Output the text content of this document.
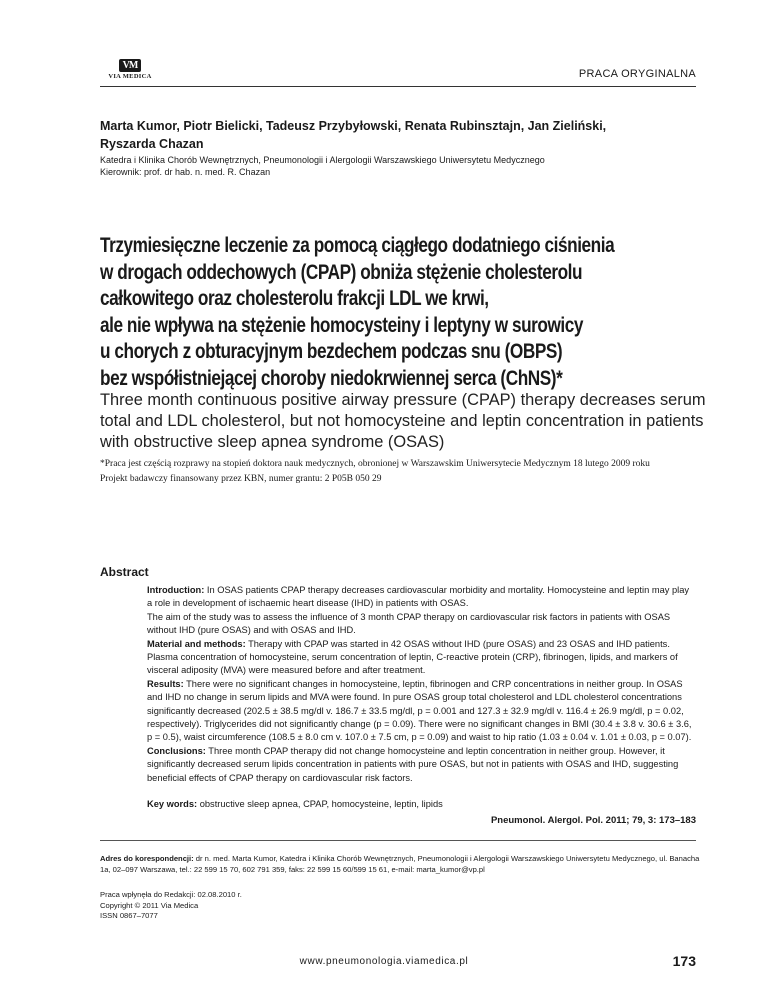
VM
VIA MEDICA	PRACA ORYGINALNA
Marta Kumor, Piotr Bielicki, Tadeusz Przybyłowski, Renata Rubinsztajn, Jan Zieliński, Ryszarda Chazan
Katedra i Klinika Chorób Wewnętrznych, Pneumonologii i Alergologii Warszawskiego Uniwersytetu Medycznego
Kierownik: prof. dr hab. n. med. R. Chazan
Trzymiesięczne leczenie za pomocą ciągłego dodatniego ciśnienia
w drogach oddechowych (CPAP) obniża stężenie cholesterolu
całkowitego oraz cholesterolu frakcji LDL we krwi,
ale nie wpływa na stężenie homocysteiny i leptyny w surowicy
u chorych z obturacyjnym bezdechem podczas snu (OBPS)
bez współistniejącej choroby niedokrwiennej serca (ChNS)*
Three month continuous positive airway pressure (CPAP) therapy decreases serum total and LDL cholesterol, but not homocysteine and leptin concentration in patients with obstructive sleep apnea syndrome (OSAS)
*Praca jest częścią rozprawy na stopień doktora nauk medycznych, obronionej w Warszawskim Uniwersytecie Medycznym 18 lutego 2009 roku
Projekt badawczy finansowany przez KBN, numer grantu: 2 P05B 050 29
Abstract

Introduction: In OSAS patients CPAP therapy decreases cardiovascular morbidity and mortality. Homocysteine and leptin may play a role in development of ischaemic heart disease (IHD) in patients with OSAS.

The aim of the study was to assess the influence of 3 month CPAP therapy on cardiovascular risk factors in patients with OSAS without IHD (pure OSAS) and with OSAS and IHD.

Material and methods: Therapy with CPAP was started in 42 OSAS without IHD (pure OSAS) and 23 OSAS and IHD patients. Plasma concentration of homocysteine, serum concentration of leptin, C-reactive protein (CRP), fibrinogen, lipids, and markers of visceral adiposity (MVA) were measured before and after treatment.

Results: There were no significant changes in homocysteine, leptin, fibrinogen and CRP concentrations in neither group. In OSAS and IHD no change in serum lipids and MVA were found. In pure OSAS group total cholesterol and LDL cholesterol concentrations significantly decreased (202.5 ± 38.5 mg/dl v. 186.7 ± 33.5 mg/dl, p = 0.001 and 127.3 ± 32.9 mg/dl v. 116.4 ± 26.9 mg/dl, p = 0.02, respectively). Triglycerides did not significantly change (p = 0.09). There were no significant changes in BMI (30.4 ± 3.8 v. 30.6 ± 3.6, p = 0.5), waist circumference (108.5 ± 8.0 cm v. 107.0 ± 7.5 cm, p = 0.09) and waist to hip ratio (1.03 ± 0.04 v. 1.01 ± 0.03, p = 0.07).

Conclusions: Three month CPAP therapy did not change homocysteine and leptin concentration in neither group. However, it significantly decreased serum lipids concentration in patients with pure OSAS, but not in patients with OSAS and IHD, suggesting beneficial effects of CPAP therapy on cardiovascular risk factors.

Key words: obstructive sleep apnea, CPAP, homocysteine, leptin, lipids
Pneumonol. Alergol. Pol. 2011; 79, 3: 173–183
Adres do korespondencji: dr n. med. Marta Kumor, Katedra i Klinika Chorób Wewnętrznych, Pneumonologii i Alergologii Warszawskiego Uniwersytetu Medycznego, ul. Banacha 1a, 02–097 Warszawa, tel.: 22 599 15 70, 602 791 359, faks: 22 599 15 60/599 15 61, e-mail: marta_kumor@vp.pl
Praca wpłynęła do Redakcji: 02.08.2010 r.
Copyright © 2011 Via Medica
ISSN 0867–7077
www.pneumonologia.viamedica.pl	173
